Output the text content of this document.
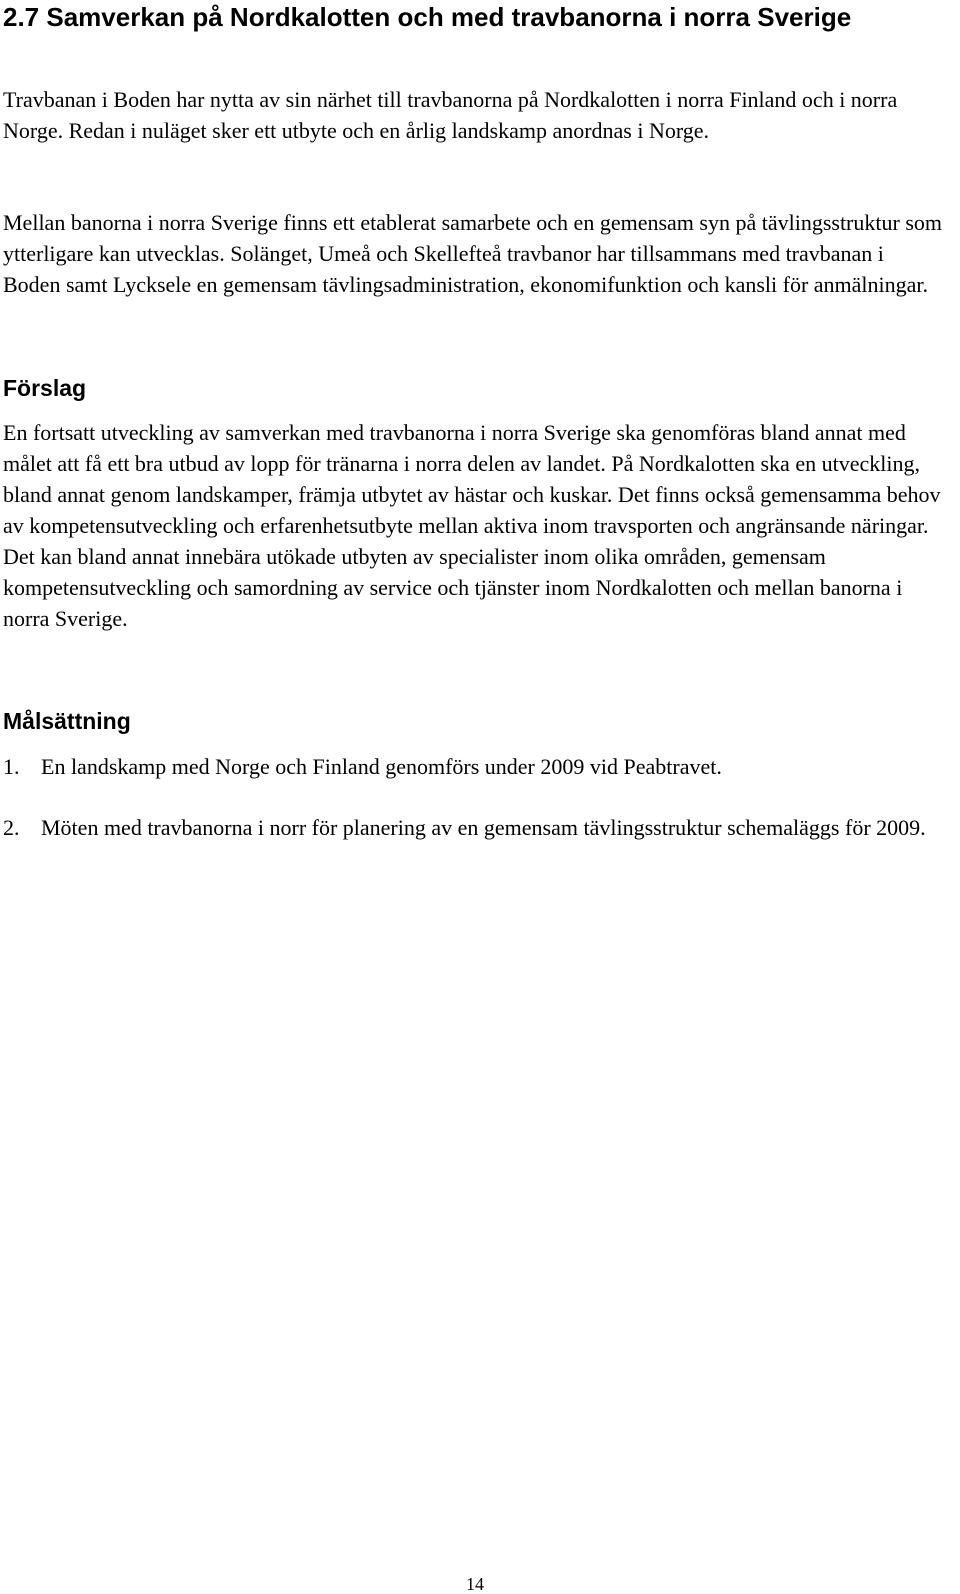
2.7 Samverkan på Nordkalotten och med travbanorna i norra Sverige

Travbanan i Boden har nytta av sin närhet till travbanorna på Nordkalotten i norra Finland och i norra Norge. Redan i nuläget sker ett utbyte och en årlig landskamp anordnas i Norge.

Mellan banorna i norra Sverige finns ett etablerat samarbete och en gemensam syn på tävlingsstruktur som ytterligare kan utvecklas. Solänget, Umeå och Skellefteå travbanor har tillsammans med travbanan i Boden samt Lycksele en gemensam tävlingsadministration, ekonomifunktion och kansli för anmälningar.

Förslag

En fortsatt utveckling av samverkan med travbanorna i norra Sverige ska genomföras bland annat med målet att få ett bra utbud av lopp för tränarna i norra delen av landet. På Nordkalotten ska en utveckling, bland annat genom landskamper, främja utbytet av hästar och kuskar. Det finns också gemensamma behov av kompetensutveckling och erfarenhetsutbyte mellan aktiva inom travsporten och angränsande näringar. Det kan bland annat innebära utökade utbyten av specialister inom olika områden, gemensam kompetensutveckling och samordning av service och tjänster inom Nordkalotten och mellan banorna i norra Sverige.

Målsättning
1. En landskamp med Norge och Finland genomförs under 2009 vid Peabtravet.
2. Möten med travbanorna i norr för planering av en gemensam tävlingsstruktur schemaläggs för 2009.
14
